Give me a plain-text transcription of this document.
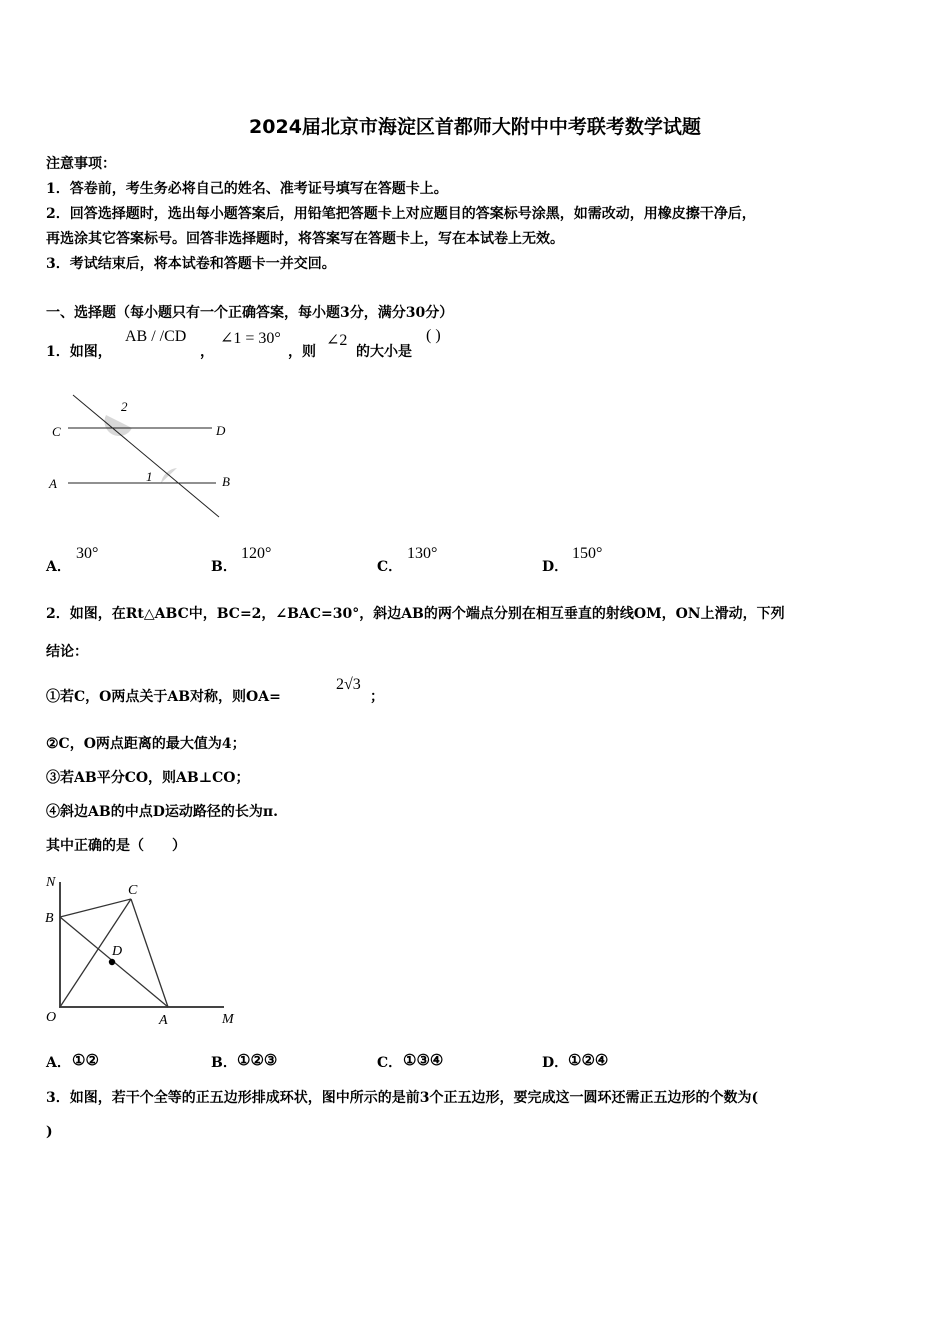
2024届北京市海淀区首都师大附中中考联考数学试题
注意事项：
1．答卷前，考生务必将自己的姓名、准考证号填写在答题卡上。
2．回答选择题时，选出每小题答案后，用铅笔把答题卡上对应题目的答案标号涂黑，如需改动，用橡皮擦干净后，
再选涂其它答案标号。回答非选择题时，将答案写在答题卡上，写在本试卷上无效。
3．考试结束后，将本试卷和答题卡一并交回。
一、选择题（每小题只有一个正确答案，每小题3分，满分30分）
1．如图，
AB / /CD
，
∠1 = 30°
，则
∠2
的大小是
( )
C	D
A	B
1
2
A．
30°
B．
120°
C．
130°
D．
150°
2．如图，在Rt△ABC中，BC=2，∠BAC=30°，斜边AB的两个端点分别在相互垂直的射线OM，ON上滑动，下列
结论：
①若C，O两点关于AB对称，则OA=
2√3
；
②C，O两点距离的最大值为4；
③若AB平分CO，则AB⊥CO；
④斜边AB的中点D运动路径的长为π.
其中正确的是（　　）
N
C
B
D
O	A	M
A． ①②	B． ①②③	C． ①③④	D． ①②④
3．如图，若干个全等的正五边形排成环状，图中所示的是前3个正五边形，要完成这一圆环还需正五边形的个数为(
)
